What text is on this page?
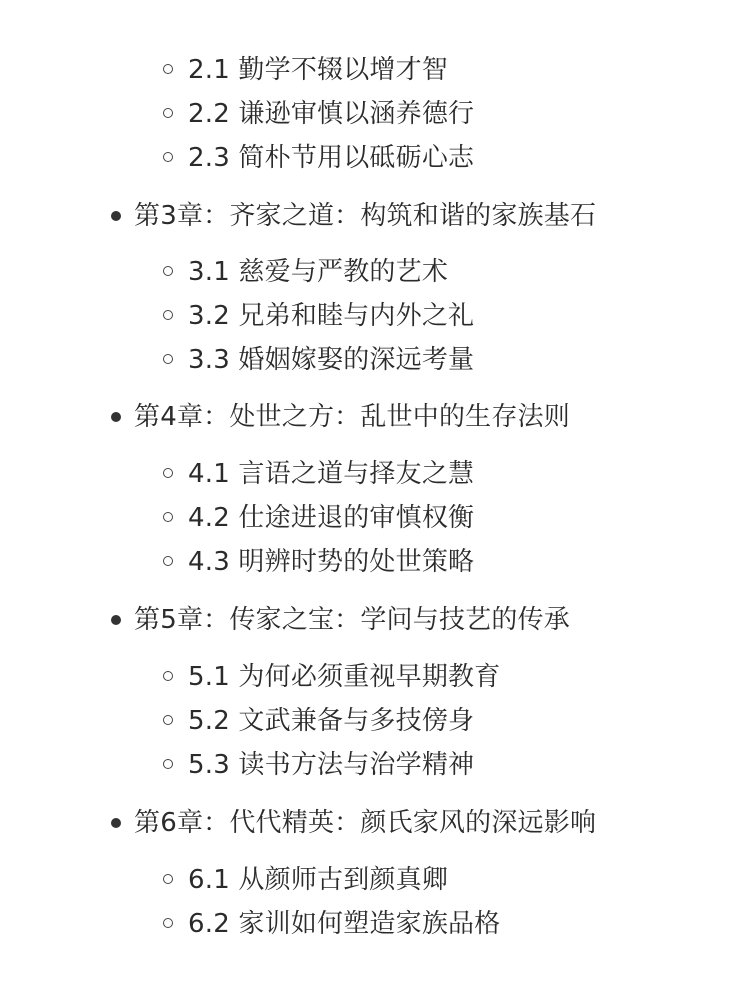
2.1 勤学不辍以增才智
2.2 谦逊审慎以涵养德行
2.3 简朴节用以砥砺心志
第3章：齐家之道：构筑和谐的家族基石
3.1 慈爱与严教的艺术
3.2 兄弟和睦与内外之礼
3.3 婚姻嫁娶的深远考量
第4章：处世之方：乱世中的生存法则
4.1 言语之道与择友之慧
4.2 仕途进退的审慎权衡
4.3 明辨时势的处世策略
第5章：传家之宝：学问与技艺的传承
5.1 为何必须重视早期教育
5.2 文武兼备与多技傍身
5.3 读书方法与治学精神
第6章：代代精英：颜氏家风的深远影响
6.1 从颜师古到颜真卿
6.2 家训如何塑造家族品格
